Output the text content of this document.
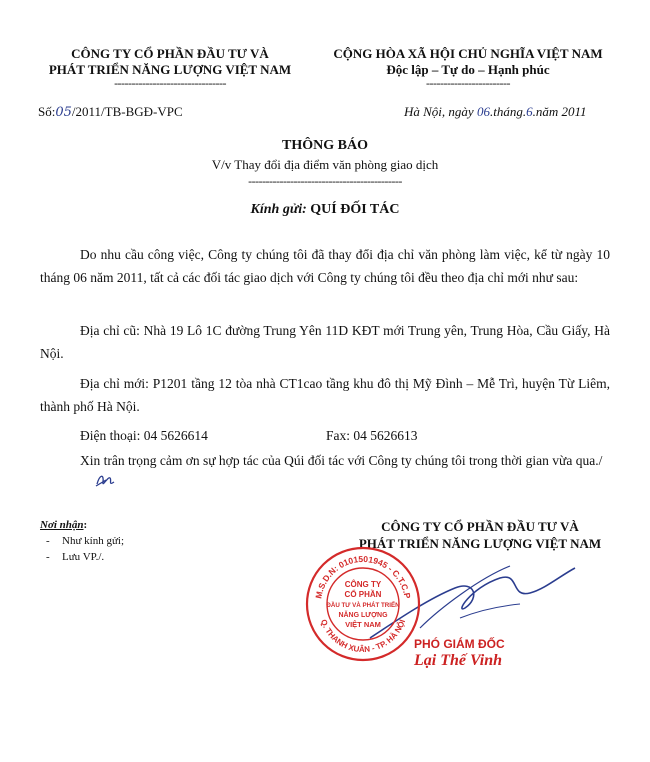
CÔNG TY CỔ PHẦN ĐẦU TƯ VÀ
PHÁT TRIỂN NĂNG LƯỢNG VIỆT NAM
--------------------------------
CỘNG HÒA XÃ HỘI CHỦ NGHĨA VIỆT NAM
Độc lập – Tự do – Hạnh phúc
------------------------
Số:05/2011/TB-BGĐ-VPC	Hà Nội, ngày 06.tháng.6.năm 2011
THÔNG BÁO
V/v Thay đổi địa điểm văn phòng giao dịch
--------------------------------------------
Kính gửi: QUÍ ĐỐI TÁC
Do nhu cầu công việc, Công ty chúng tôi đã thay đổi địa chỉ văn phòng làm việc, kể từ ngày 10 tháng 06 năm 2011, tất cả các đối tác giao dịch với Công ty chúng tôi đều theo địa chỉ mới như sau:
Địa chỉ cũ: Nhà 19 Lô 1C đường Trung Yên 11D KĐT mới Trung yên, Trung Hòa, Cầu Giấy, Hà Nội.
Địa chỉ mới: P1201 tầng 12 tòa nhà CT1cao tầng khu đô thị Mỹ Đình – Mễ Trì, huyện Từ Liêm, thành phố Hà Nội.
Điện thoại: 04 5626614	Fax: 04 5626613
Xin trân trọng cảm ơn sự hợp tác của Qúi đối tác với Công ty chúng tôi trong thời gian vừa qua./
Nơi nhận:
- Như kính gửi;
- Lưu VP./.
CÔNG TY CỔ PHẦN ĐẦU TƯ VÀ
PHÁT TRIỂN NĂNG LƯỢNG VIỆT NAM
M.S.D.N: 0101501945 - C.T.C.P
Q. THANH XUÂN - TP. HÀ NỘI
CÔNG TY
CỔ PHẦN
ĐẦU TƯ VÀ PHÁT TRIỂN
NĂNG LƯỢNG
VIỆT NAM
PHÓ GIÁM ĐỐC
Lại Thế Vinh
